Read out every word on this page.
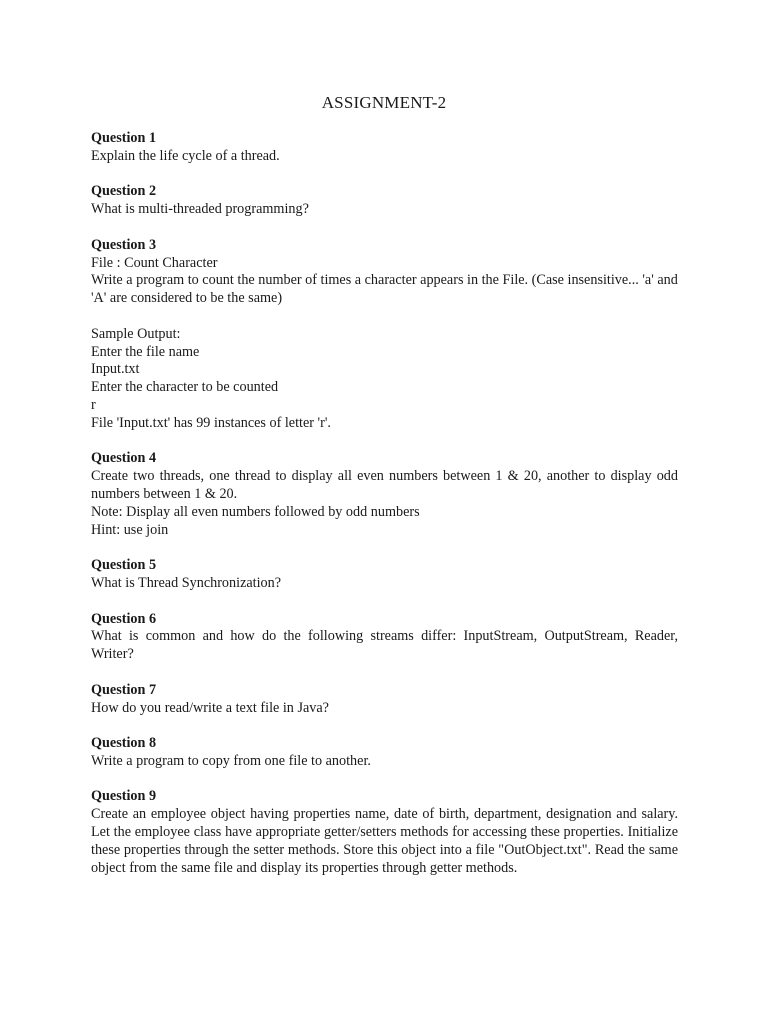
ASSIGNMENT-2
Question 1
Explain the life cycle of a thread.
Question 2
What is multi-threaded programming?
Question 3
File : Count Character
Write a program to count the number of times a character appears in the File. (Case insensitive... 'a' and 'A' are considered to be the same)
Sample Output:
Enter the file name
Input.txt
Enter the character to be counted
r
File 'Input.txt' has 99 instances of letter 'r'.
Question 4
Create two threads, one thread to display all even numbers between 1 & 20, another to display odd numbers between 1 & 20.
Note: Display all even numbers followed by odd numbers
Hint: use join
Question 5
What is Thread Synchronization?
Question 6
What is common and how do the following streams differ: InputStream, OutputStream, Reader, Writer?
Question 7
How do you read/write a text file in Java?
Question 8
Write a program to copy from one file to another.
Question 9
Create an employee object having properties name, date of birth, department, designation and salary. Let the employee class have appropriate getter/setters methods for accessing these properties. Initialize these properties through the setter methods. Store this object into a file "OutObject.txt". Read the same object from the same file and display its properties through getter methods.
